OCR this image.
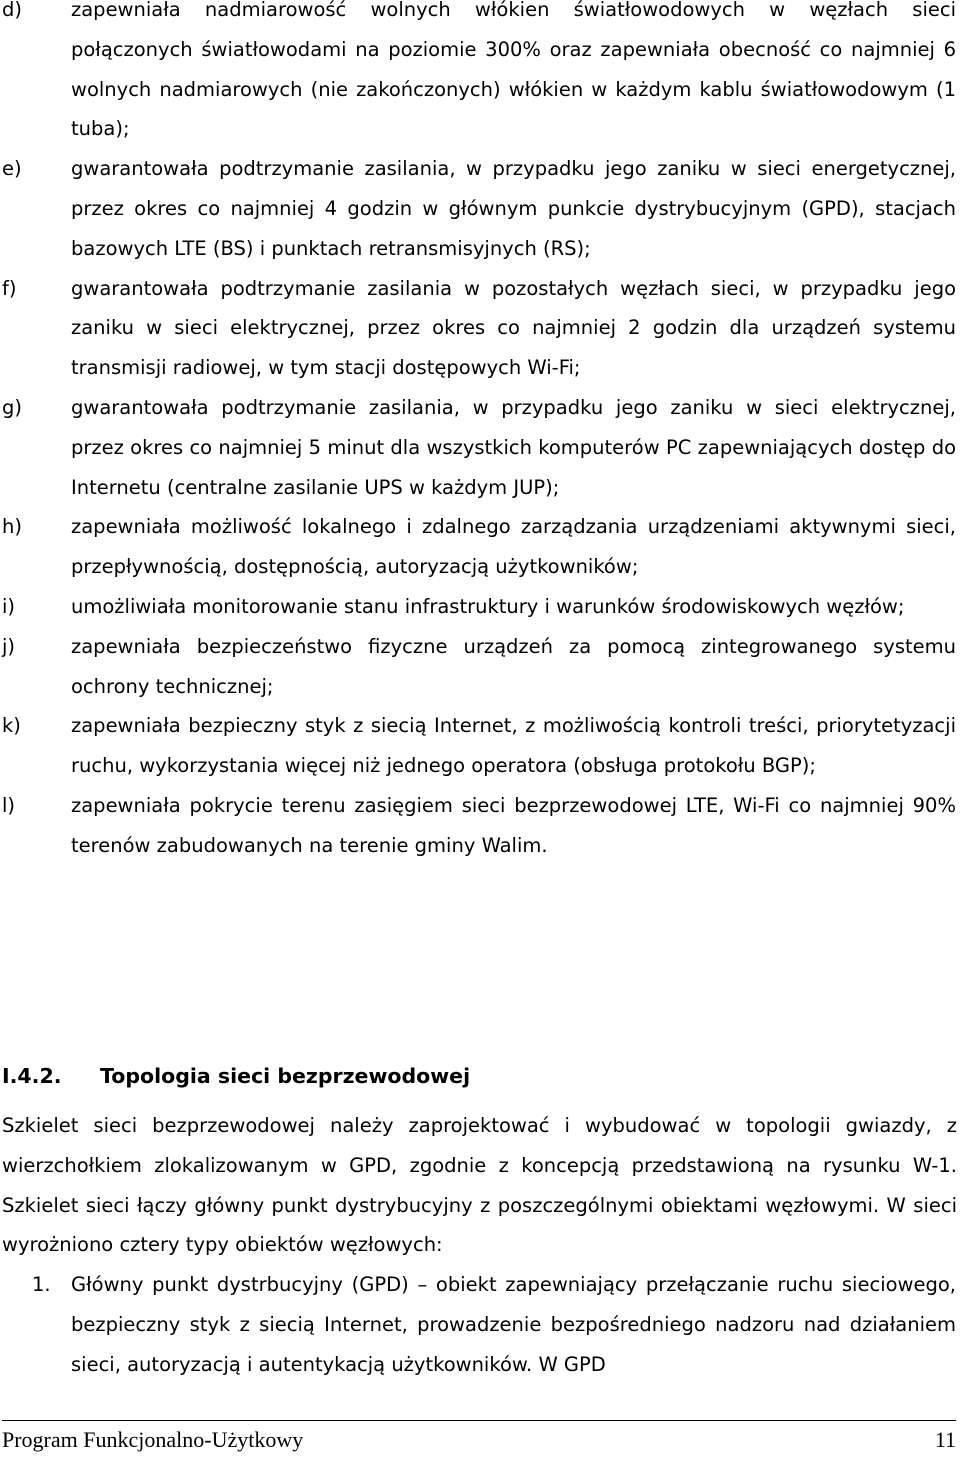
d)	zapewniała nadmiarowość wolnych włókien światłowodowych w węzłach sieci połączonych światłowodami na poziomie 300% oraz zapewniała obecność co najmniej 6 wolnych nadmiarowych (nie zakończonych) włókien w każdym kablu światłowodowym (1 tuba);
e)	gwarantowała podtrzymanie zasilania, w przypadku jego zaniku w sieci energetycznej, przez okres co najmniej 4 godzin w głównym punkcie dystrybucyjnym (GPD), stacjach bazowych LTE (BS) i punktach retransmisyjnych (RS);
f)	gwarantowała podtrzymanie zasilania w pozostałych węzłach sieci, w przypadku jego zaniku w sieci elektrycznej, przez okres co najmniej 2 godzin dla urządzeń systemu transmisji radiowej, w tym stacji dostępowych Wi-Fi;
g)	gwarantowała podtrzymanie zasilania, w przypadku jego zaniku w sieci elektrycznej, przez okres co najmniej 5 minut dla wszystkich komputerów PC zapewniających dostęp do Internetu (centralne zasilanie UPS w każdym JUP);
h)	zapewniała możliwość lokalnego i zdalnego zarządzania urządzeniami aktywnymi sieci, przepływnością, dostępnością, autoryzacją użytkowników;
i)	umożliwiała monitorowanie stanu infrastruktury i warunków środowiskowych węzłów;
j)	zapewniała bezpieczeństwo fizyczne urządzeń za pomocą zintegrowanego systemu ochrony technicznej;
k)	zapewniała bezpieczny styk z siecią Internet, z możliwością kontroli treści, priorytetyzacji ruchu, wykorzystania więcej niż jednego operatora (obsługa protokołu BGP);
l)	zapewniała pokrycie terenu zasięgiem sieci bezprzewodowej LTE, Wi-Fi co najmniej 90% terenów zabudowanych na terenie gminy Walim.
I.4.2. Topologia sieci bezprzewodowej
Szkielet sieci bezprzewodowej należy zaprojektować i wybudować w topologii gwiazdy, z wierzchołkiem zlokalizowanym w GPD, zgodnie z koncepcją przedstawioną na rysunku W-1. Szkielet sieci łączy główny punkt dystrybucyjny z poszczególnymi obiektami węzłowymi. W sieci wyrożniono cztery typy obiektów węzłowych:
1.	Główny punkt dystrbucyjny (GPD) – obiekt zapewniający przełączanie ruchu sieciowego, bezpieczny styk z siecią Internet, prowadzenie bezpośredniego nadzoru nad działaniem sieci, autoryzacją i autentykacją użytkowników. W GPD
Program Funkcjonalno-Użytkowy	11
